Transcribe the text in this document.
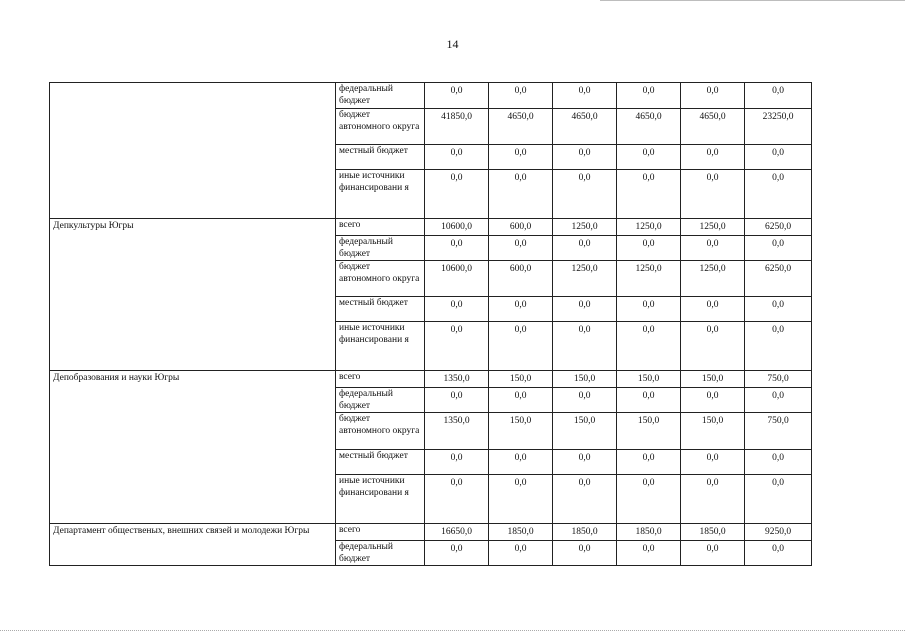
14
	федеральный бюджет	0,0	0,0	0,0	0,0	0,0	0,0
	бюджет автономного округа	41850,0	4650,0	4650,0	4650,0	4650,0	23250,0
	местный бюджет	0,0	0,0	0,0	0,0	0,0	0,0
	иные источники финансировани я	0,0	0,0	0,0	0,0	0,0	0,0
Депкультуры Югры	всего	10600,0	600,0	1250,0	1250,0	1250,0	6250,0
	федеральный бюджет	0,0	0,0	0,0	0,0	0,0	0,0
	бюджет автономного округа	10600,0	600,0	1250,0	1250,0	1250,0	6250,0
	местный бюджет	0,0	0,0	0,0	0,0	0,0	0,0
	иные источники финансировани я	0,0	0,0	0,0	0,0	0,0	0,0
Депобразования и науки Югры	всего	1350,0	150,0	150,0	150,0	150,0	750,0
	федеральный бюджет	0,0	0,0	0,0	0,0	0,0	0,0
	бюджет автономного округа	1350,0	150,0	150,0	150,0	150,0	750,0
	местный бюджет	0,0	0,0	0,0	0,0	0,0	0,0
	иные источники финансировани я	0,0	0,0	0,0	0,0	0,0	0,0
Департамент общественых, внешних связей и молодежи Югры	всего	16650,0	1850,0	1850,0	1850,0	1850,0	9250,0
	федеральный бюджет	0,0	0,0	0,0	0,0	0,0	0,0
